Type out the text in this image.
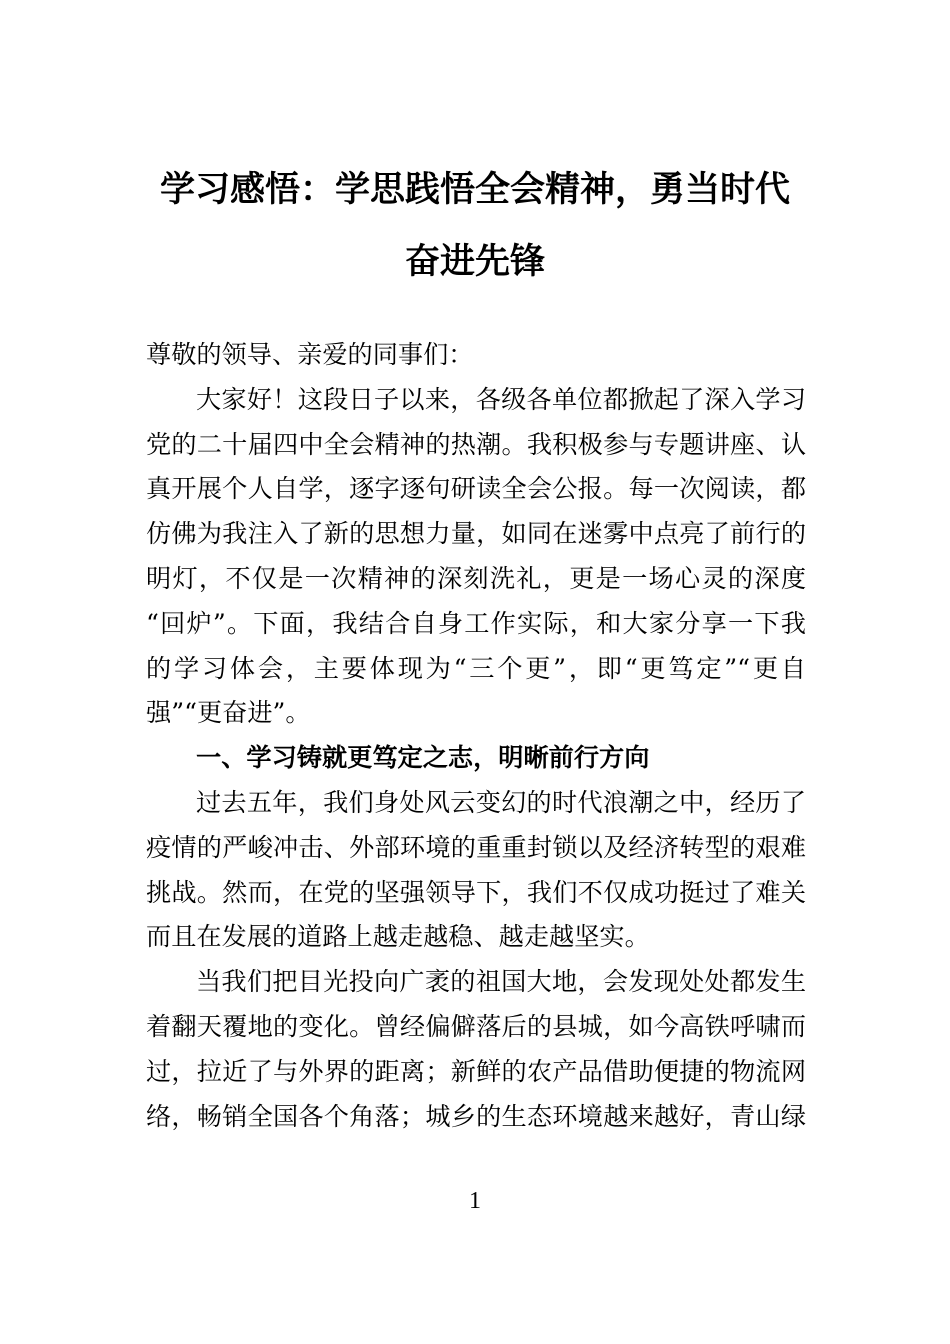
学习感悟：学思践悟全会精神，勇当时代
奋进先锋
尊敬的领导、亲爱的同事们：
大家好！这段日子以来，各级各单位都掀起了深入学习
党的二十届四中全会精神的热潮。我积极参与专题讲座、认
真开展个人自学，逐字逐句研读全会公报。每一次阅读，都
仿佛为我注入了新的思想力量，如同在迷雾中点亮了前行的
明灯，不仅是一次精神的深刻洗礼，更是一场心灵的深度
“回炉”。下面，我结合自身工作实际，和大家分享一下我
的学习体会，主要体现为“三个更”，即“更笃定”“更自
强”“更奋进”。
一、学习铸就更笃定之志，明晰前行方向
过去五年，我们身处风云变幻的时代浪潮之中，经历了
疫情的严峻冲击、外部环境的重重封锁以及经济转型的艰难
挑战。然而，在党的坚强领导下，我们不仅成功挺过了难关
而且在发展的道路上越走越稳、越走越坚实。
当我们把目光投向广袤的祖国大地，会发现处处都发生
着翻天覆地的变化。曾经偏僻落后的县城，如今高铁呼啸而
过，拉近了与外界的距离；新鲜的农产品借助便捷的物流网
络，畅销全国各个角落；城乡的生态环境越来越好，青山绿
1
